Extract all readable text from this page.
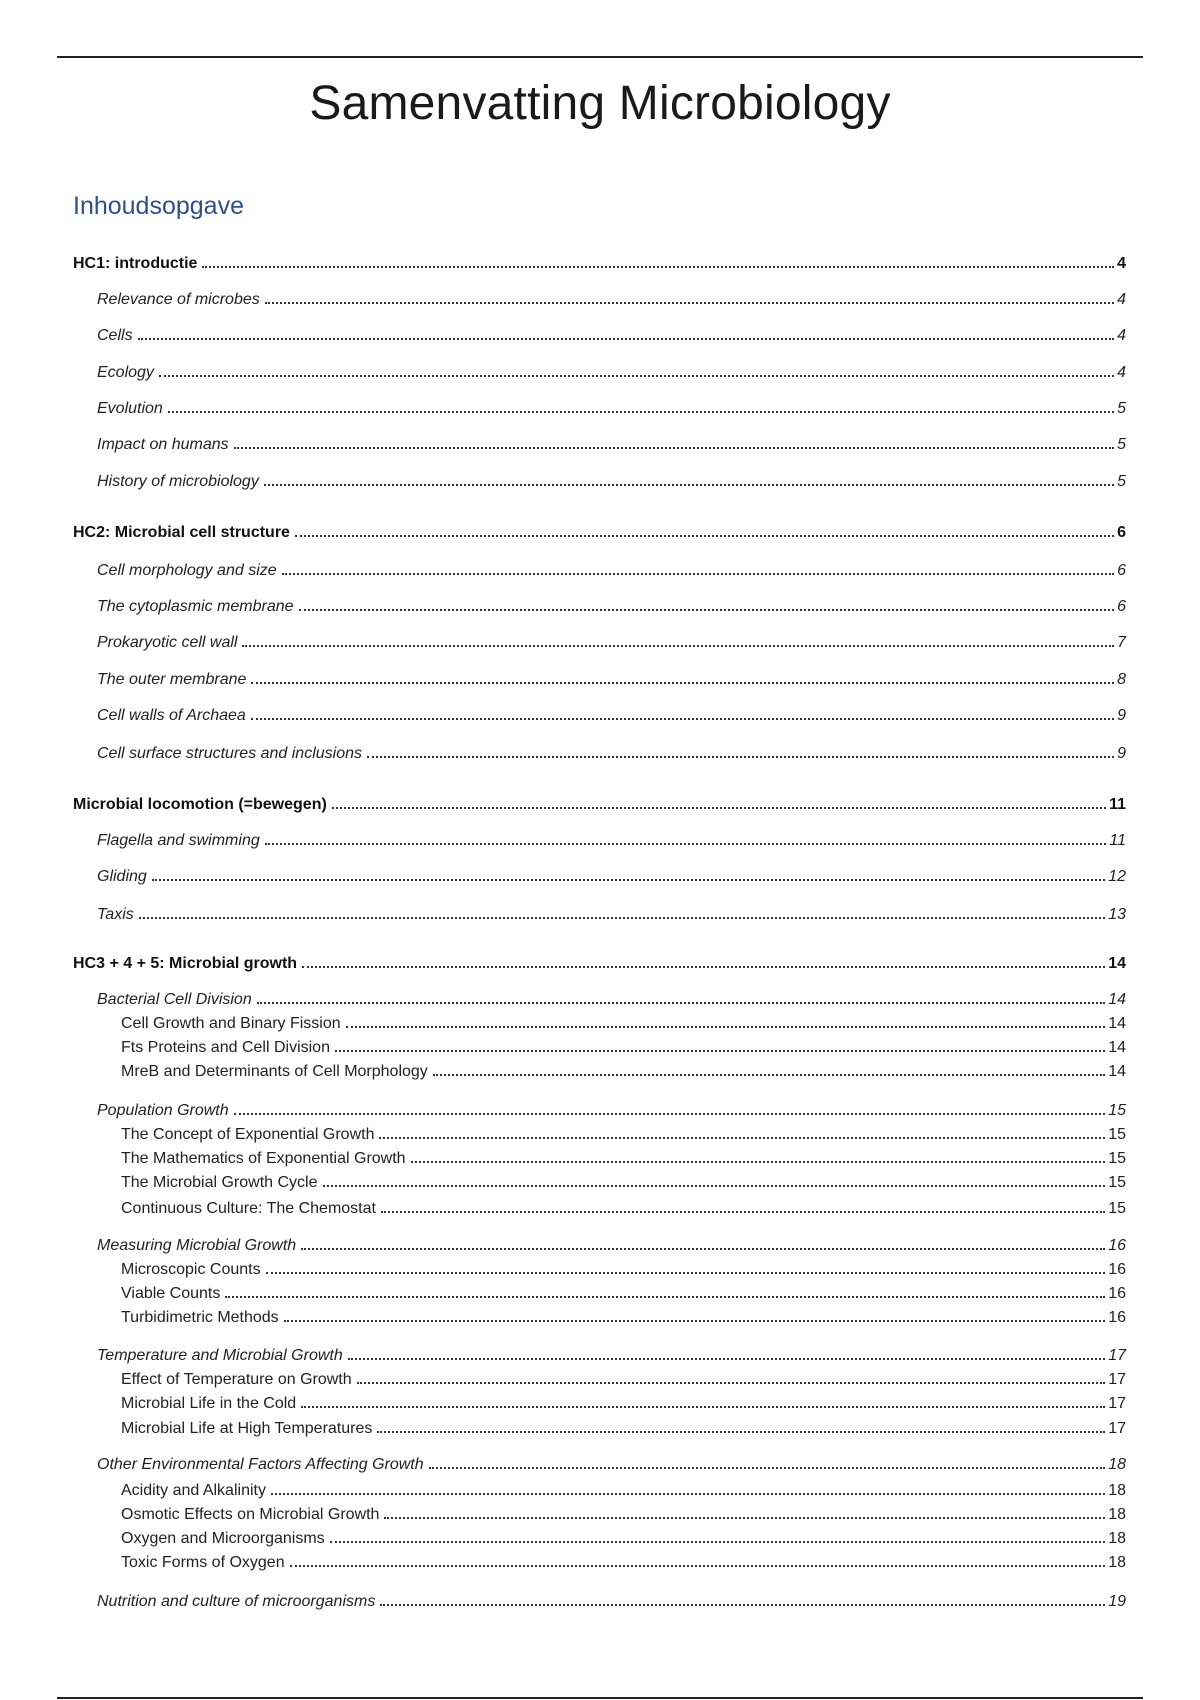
Samenvatting Microbiology
Inhoudsopgave
HC1: introductie	4
Relevance of microbes	4
Cells	4
Ecology	4
Evolution	5
Impact on humans	5
History of microbiology	5
HC2: Microbial cell structure	6
Cell morphology and size	6
The cytoplasmic membrane	6
Prokaryotic cell wall	7
The outer membrane	8
Cell walls of Archaea	9
Cell surface structures and inclusions	9
Microbial locomotion (=bewegen)	11
Flagella and swimming	11
Gliding	12
Taxis	13
HC3 + 4 + 5: Microbial growth	14
Bacterial Cell Division	14
Cell Growth and Binary Fission	14
Fts Proteins and Cell Division	14
MreB and Determinants of Cell Morphology	14
Population Growth	15
The Concept of Exponential Growth	15
The Mathematics of Exponential Growth	15
The Microbial Growth Cycle	15
Continuous Culture: The Chemostat	15
Measuring Microbial Growth	16
Microscopic Counts	16
Viable Counts	16
Turbidimetric Methods	16
Temperature and Microbial Growth	17
Effect of Temperature on Growth	17
Microbial Life in the Cold	17
Microbial Life at High Temperatures	17
Other Environmental Factors Affecting Growth	18
Acidity and Alkalinity	18
Osmotic Effects on Microbial Growth	18
Oxygen and Microorganisms	18
Toxic Forms of Oxygen	18
Nutrition and culture of microorganisms	19
